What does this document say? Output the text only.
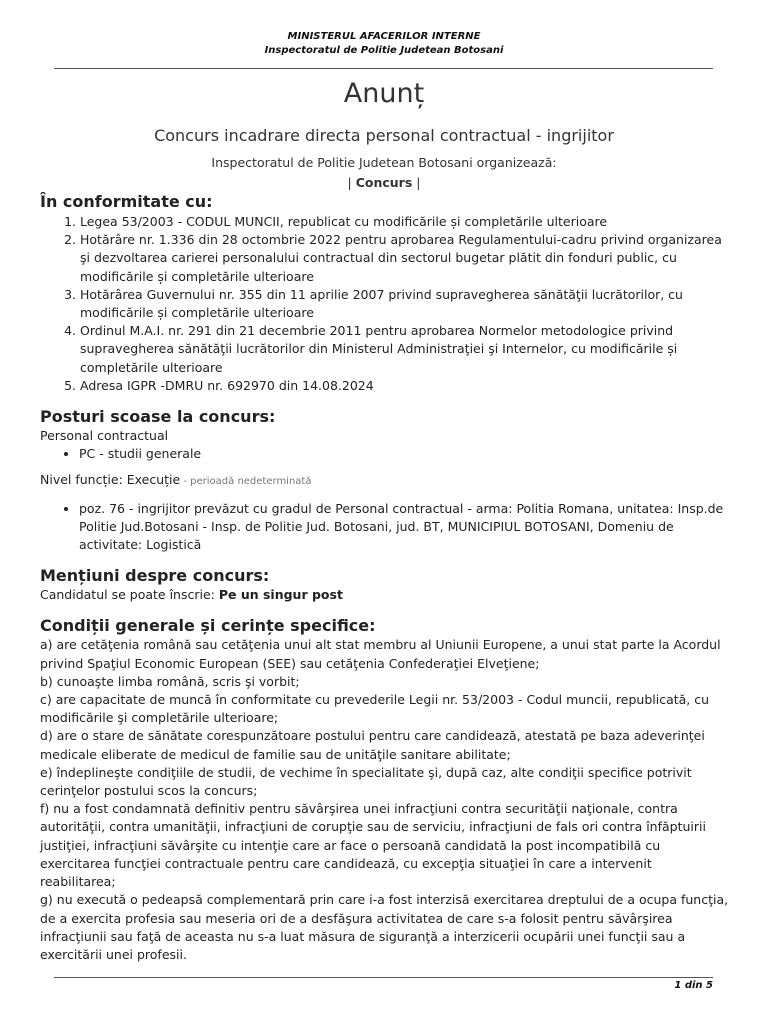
MINISTERUL AFACERILOR INTERNE
Inspectoratul de Politie Judetean Botosani
Anunț
Concurs incadrare directa personal contractual - ingrijitor
Inspectoratul de Politie Judetean Botosani organizează:
| Concurs |
În conformitate cu:
1. Legea 53/2003 - CODUL MUNCII, republicat cu modificările și completările ulterioare
2. Hotărâre nr. 1.336 din 28 octombrie 2022 pentru aprobarea Regulamentului-cadru privind organizarea şi dezvoltarea carierei personalului contractual din sectorul bugetar plătit din fonduri public, cu modificările și completările ulterioare
3. Hotărârea Guvernului nr. 355 din 11 aprilie 2007 privind supravegherea sănătăţii lucrătorilor, cu modificările și completările ulterioare
4. Ordinul M.A.I. nr. 291 din 21 decembrie 2011 pentru aprobarea Normelor metodologice privind supravegherea sănătăţii lucrătorilor din Ministerul Administraţiei şi Internelor, cu modificările și completările ulterioare
5. Adresa IGPR -DMRU nr. 692970 din 14.08.2024
Posturi scoase la concurs:
Personal contractual
• PC - studii generale
Nivel funcție: Execuție - perioadă nedeterminată
• poz. 76 - ingrijitor prevăzut cu gradul de Personal contractual - arma: Politia Romana, unitatea: Insp.de Politie Jud.Botosani - Insp. de Politie Jud. Botosani, jud. BT, MUNICIPIUL BOTOSANI, Domeniu de activitate: Logistică
Mențiuni despre concurs:
Candidatul se poate înscrie: Pe un singur post
Condiții generale și cerințe specifice:

a) are cetăţenia română sau cetăţenia unui alt stat membru al Uniunii Europene, a unui stat parte la Acordul privind Spaţiul Economic European (SEE) sau cetăţenia Confederaţiei Elveţiene;

b) cunoaşte limba română, scris şi vorbit;

c) are capacitate de muncă în conformitate cu prevederile Legii nr. 53/2003 - Codul muncii, republicată, cu modificările şi completările ulterioare;

d) are o stare de sănătate corespunzătoare postului pentru care candidează, atestată pe baza adeverinţei medicale eliberate de medicul de familie sau de unităţile sanitare abilitate;

e) îndeplineşte condiţiile de studii, de vechime în specialitate şi, după caz, alte condiţii specifice potrivit cerinţelor postului scos la concurs;

f) nu a fost condamnată definitiv pentru săvârşirea unei infracţiuni contra securităţii naţionale, contra autorităţii, contra umanităţii, infracţiuni de corupţie sau de serviciu, infracţiuni de fals ori contra înfăptuirii justiţiei, infracţiuni săvârşite cu intenţie care ar face o persoană candidată la post incompatibilă cu exercitarea funcţiei contractuale pentru care candidează, cu excepţia situaţiei în care a intervenit reabilitarea;

g) nu execută o pedeapsă complementară prin care i-a fost interzisă exercitarea dreptului de a ocupa funcţia, de a exercita profesia sau meseria ori de a desfăşura activitatea de care s-a folosit pentru săvârşirea infracţiunii sau faţă de aceasta nu s-a luat măsura de siguranţă a interzicerii ocupării unei funcţii sau a exercitării unei profesii.

1 din 5
